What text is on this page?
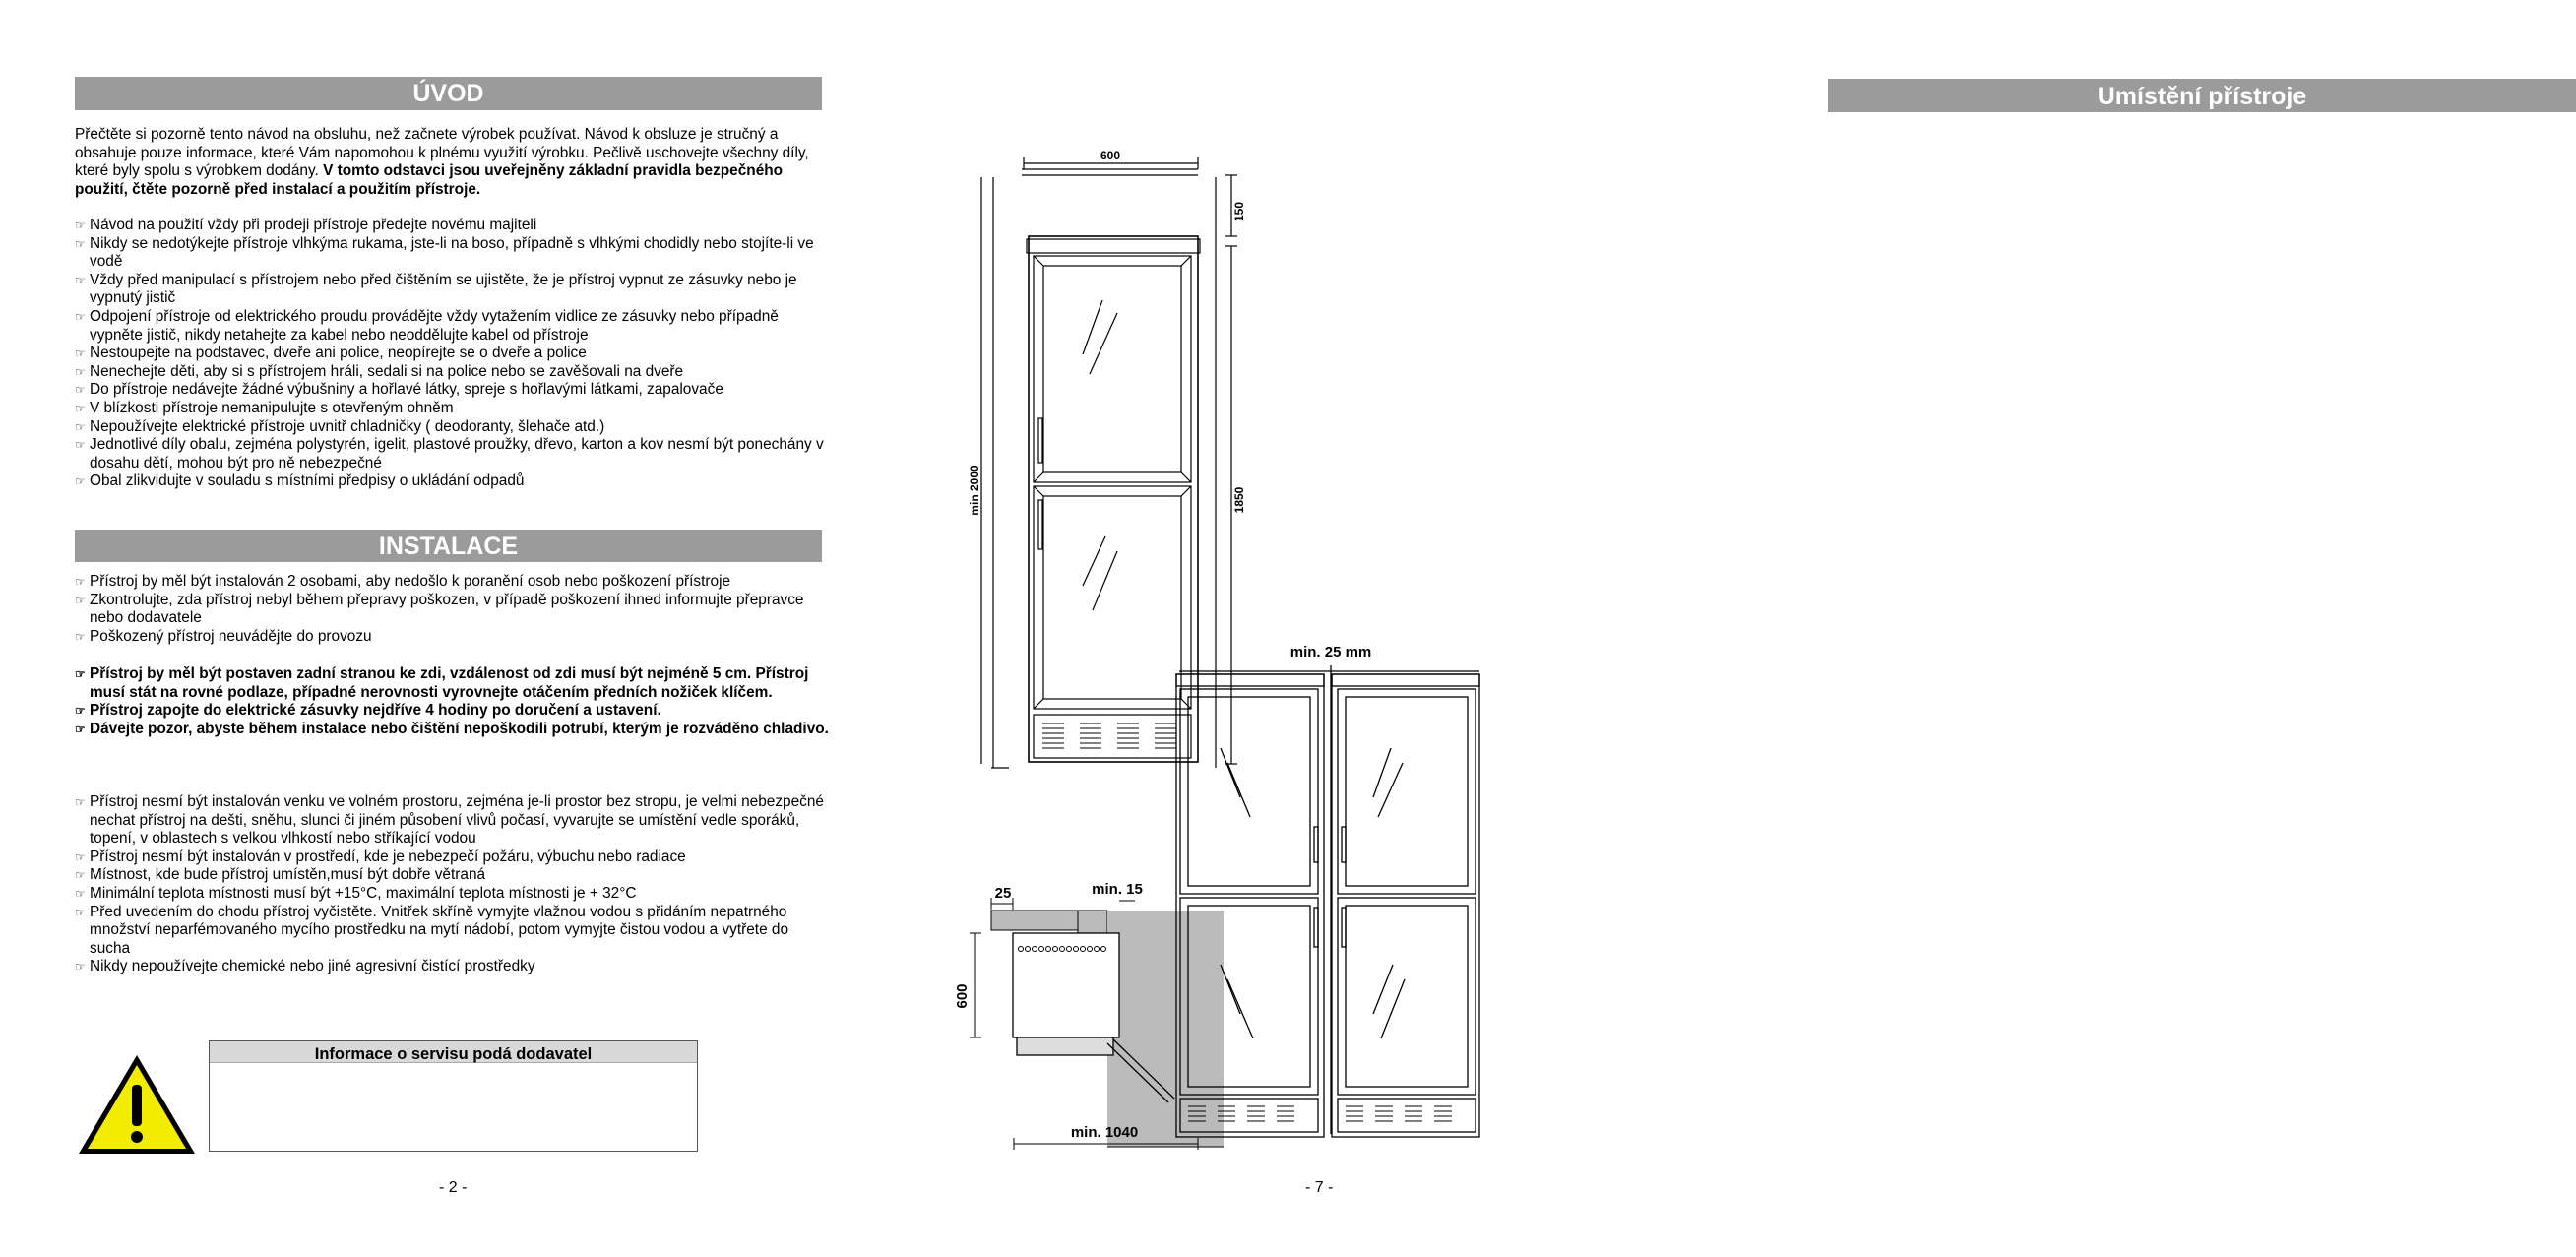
ÚVOD
Přečtěte si pozorně tento návod na obsluhu, než začnete výrobek používat. Návod k obsluze je stručný a obsahuje pouze informace, které Vám napomohou k plnému využití výrobku. Pečlivě uschovejte všechny díly, které byly spolu s výrobkem dodány. V tomto odstavci jsou uveřejněny základní pravidla bezpečného použití, čtěte pozorně před instalací a použitím přístroje.
☞ Návod na použití vždy při prodeji přístroje předejte novému majiteli
☞ Nikdy se nedotýkejte přístroje vlhkýma rukama, jste-li na boso, případně s vlhkými chodidly nebo stojíte-li ve vodě
☞ Vždy před manipulací s přístrojem nebo před čištěním se ujistěte, že je přístroj vypnut ze zásuvky nebo je vypnutý jistič
☞ Odpojení přístroje od elektrického proudu provádějte vždy vytažením vidlice ze zásuvky nebo případně vypněte jistič, nikdy netahejte za kabel nebo neoddělujte kabel od přístroje
☞ Nestoupejte na podstavec, dveře ani police, neopírejte se o dveře a police
☞ Nenechejte děti, aby si s přístrojem hráli, sedali si na police nebo se zavěšovali na dveře
☞ Do přístroje nedávejte žádné výbušniny a hořlavé látky, spreje s hořlavými látkami, zapalovače
☞ V blízkosti přístroje nemanipulujte s otevřeným ohněm
☞ Nepoužívejte elektrické přístroje uvnitř chladničky ( deodoranty, šlehače atd.)
☞ Jednotlivé díly obalu, zejména polystyrén, igelit, plastové proužky, dřevo, karton a kov nesmí být ponechány v dosahu dětí, mohou být pro ně nebezpečné
☞ Obal zlikvidujte v souladu s místními předpisy o ukládání odpadů
INSTALACE
☞ Přístroj by měl být instalován 2 osobami, aby nedošlo k poranění osob nebo poškození přístroje
☞ Zkontrolujte, zda přístroj nebyl během přepravy poškozen, v případě poškození ihned informujte přepravce nebo dodavatele
☞ Poškozený přístroj neuvádějte do provozu
☞ Přístroj by měl být postaven zadní stranou ke zdi, vzdálenost od zdi musí být nejméně 5 cm. Přístroj musí stát na rovné podlaze, případné nerovnosti vyrovnejte otáčením předních nožiček klíčem.
☞ Přístroj zapojte do elektrické zásuvky nejdříve 4 hodiny po doručení a ustavení.
☞ Dávejte pozor, abyste během instalace nebo čištění nepoškodili potrubí, kterým je rozváděno chladivo.
☞ Přístroj nesmí být instalován venku ve volném prostoru, zejména je-li prostor bez stropu, je velmi nebezpečné nechat přístroj na dešti, sněhu, slunci či jiném působení vlivů počasí, vyvarujte se umístění vedle sporáků, topení, v oblastech s velkou vlhkostí nebo stříkající vodou
☞ Přístroj nesmí být instalován v prostředí, kde je nebezpečí požáru, výbuchu nebo radiace
☞ Místnost, kde bude přístroj umístěn,musí být dobře větraná
☞ Minimální teplota místnosti musí být +15°C, maximální teplota místnosti je + 32°C
☞ Před uvedením do chodu přístroj vyčistěte. Vnitřek skříně vymyjte vlažnou vodou s přidáním nepatrného množství neparfémovaného mycího prostředku na mytí nádobí, potom vymyjte čistou vodou a vytřete do sucha
☞ Nikdy nepoužívejte chemické nebo jiné agresivní čistící prostředky
Informace o servisu podá dodavatel
- 2 -
Umístění přístroje
600
150
1850
min 2000
25	min. 15
600
min. 1040
min. 25 mm
- 7 -
